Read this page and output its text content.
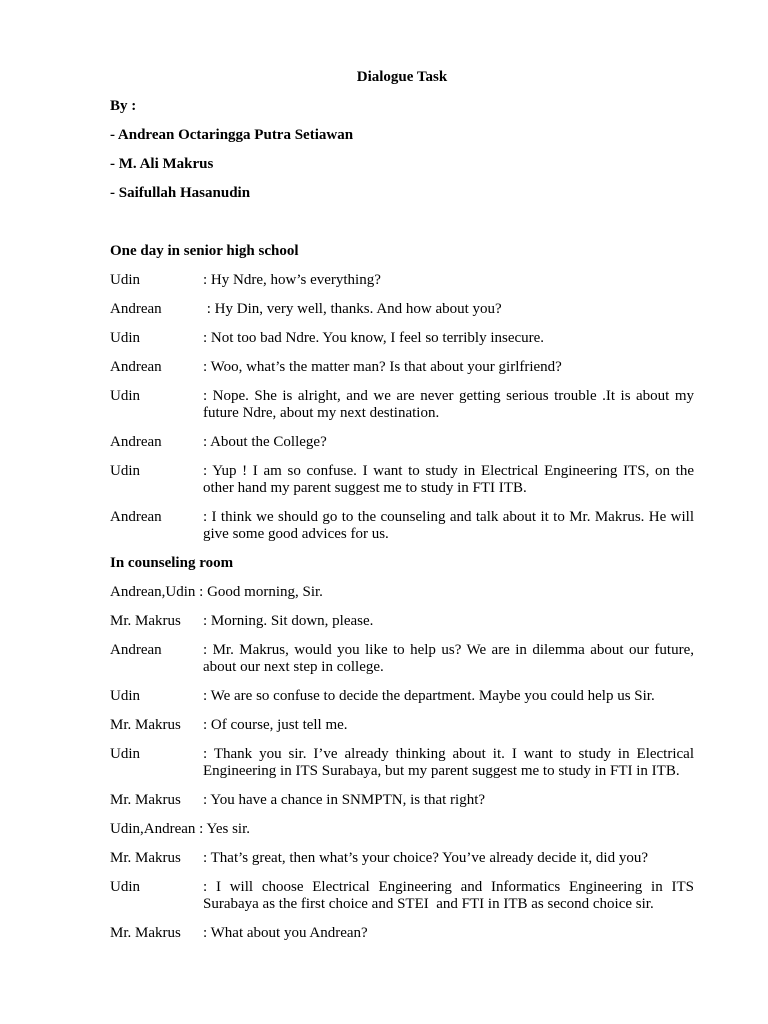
Dialogue Task
By :
- Andrean Octaringga Putra Setiawan
- M. Ali Makrus
- Saifullah Hasanudin
One day in senior high school
Udin	: Hy Ndre, how’s everything?
Andrean	: Hy Din, very well, thanks. And how about you?
Udin	: Not too bad Ndre. You know, I feel so terribly insecure.
Andrean	: Woo, what’s the matter man? Is that about your girlfriend?
Udin	: Nope. She is alright, and we are never getting serious trouble .It is about my future Ndre, about my next destination.
Andrean	: About the College?
Udin	: Yup ! I am so confuse. I want to study in Electrical Engineering ITS, on the other hand my parent suggest me to study in FTI ITB.
Andrean	: I think we should go to the counseling and talk about it to Mr. Makrus. He will give some good advices for us.
In counseling room
Andrean,Udin : Good morning, Sir.
Mr. Makrus	: Morning. Sit down, please.
Andrean	: Mr. Makrus, would you like to help us? We are in dilemma about our future, about our next step in college.
Udin	: We are so confuse to decide the department. Maybe you could help us Sir.
Mr. Makrus	: Of course, just tell me.
Udin	: Thank you sir. I’ve already thinking about it. I want to study in Electrical Engineering in ITS Surabaya, but my parent suggest me to study in FTI in ITB.
Mr. Makrus	: You have a chance in SNMPTN, is that right?
Udin,Andrean : Yes sir.
Mr. Makrus	: That’s great, then what’s your choice? You’ve already decide it, did you?
Udin	: I will choose Electrical Engineering and Informatics Engineering in ITS Surabaya as the first choice and STEI  and FTI in ITB as second choice sir.
Mr. Makrus	: What about you Andrean?
